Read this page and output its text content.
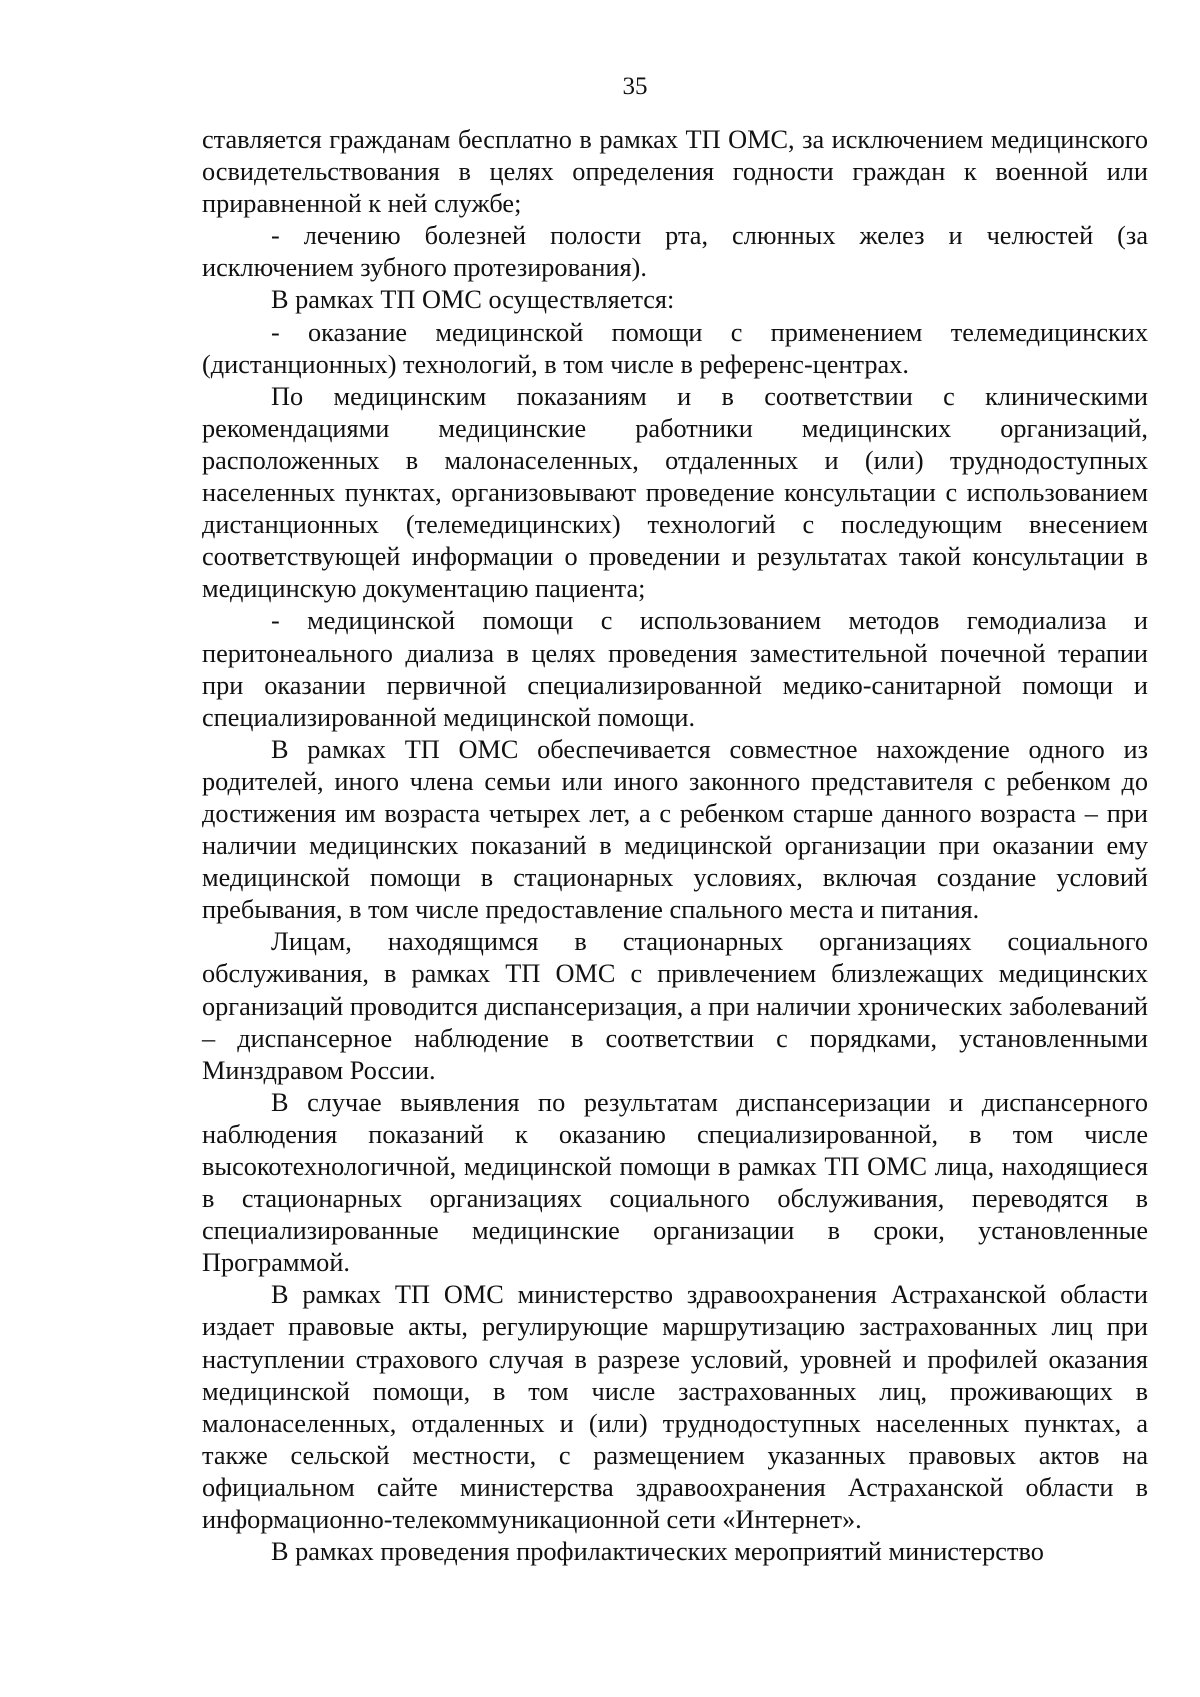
35

ставляется гражданам бесплатно в рамках ТП ОМС, за исключением медицинского освидетельствования в целях определения годности граждан к военной или приравненной к ней службе;

- лечению болезней полости рта, слюнных желез и челюстей (за исключением зубного протезирования).

В рамках ТП ОМС осуществляется:

- оказание медицинской помощи с применением телемедицинских (дистанционных) технологий, в том числе в референс-центрах.

По медицинским показаниям и в соответствии с клиническими рекомендациями медицинские работники медицинских организаций, расположенных в малонаселенных, отдаленных и (или) труднодоступных населенных пунктах, организовывают проведение консультации с использованием дистанционных (телемедицинских) технологий с последующим внесением соответствующей информации о проведении и результатах такой консультации в медицинскую документацию пациента;

- медицинской помощи с использованием методов гемодиализа и перитонеального диализа в целях проведения заместительной почечной терапии при оказании первичной специализированной медико-санитарной помощи и специализированной медицинской помощи.

В рамках ТП ОМС обеспечивается совместное нахождение одного из родителей, иного члена семьи или иного законного представителя с ребенком до достижения им возраста четырех лет, а с ребенком старше данного возраста – при наличии медицинских показаний в медицинской организации при оказании ему медицинской помощи в стационарных условиях, включая создание условий пребывания, в том числе предоставление спального места и питания.

Лицам, находящимся в стационарных организациях социального обслуживания, в рамках ТП ОМС с привлечением близлежащих медицинских организаций проводится диспансеризация, а при наличии хронических заболеваний – диспансерное наблюдение в соответствии с порядками, установленными Минздравом России.

В случае выявления по результатам диспансеризации и диспансерного наблюдения показаний к оказанию специализированной, в том числе высокотехнологичной, медицинской помощи в рамках ТП ОМС лица, находящиеся в стационарных организациях социального обслуживания, переводятся в специализированные медицинские организации в сроки, установленные Программой.

В рамках ТП ОМС министерство здравоохранения Астраханской области издает правовые акты, регулирующие маршрутизацию застрахованных лиц при наступлении страхового случая в разрезе условий, уровней и профилей оказания медицинской помощи, в том числе застрахованных лиц, проживающих в малонаселенных, отдаленных и (или) труднодоступных населенных пунктах, а также сельской местности, с размещением указанных правовых актов на официальном сайте министерства здравоохранения Астраханской области в информационно-телекоммуникационной сети «Интернет».

В рамках проведения профилактических мероприятий министерство
